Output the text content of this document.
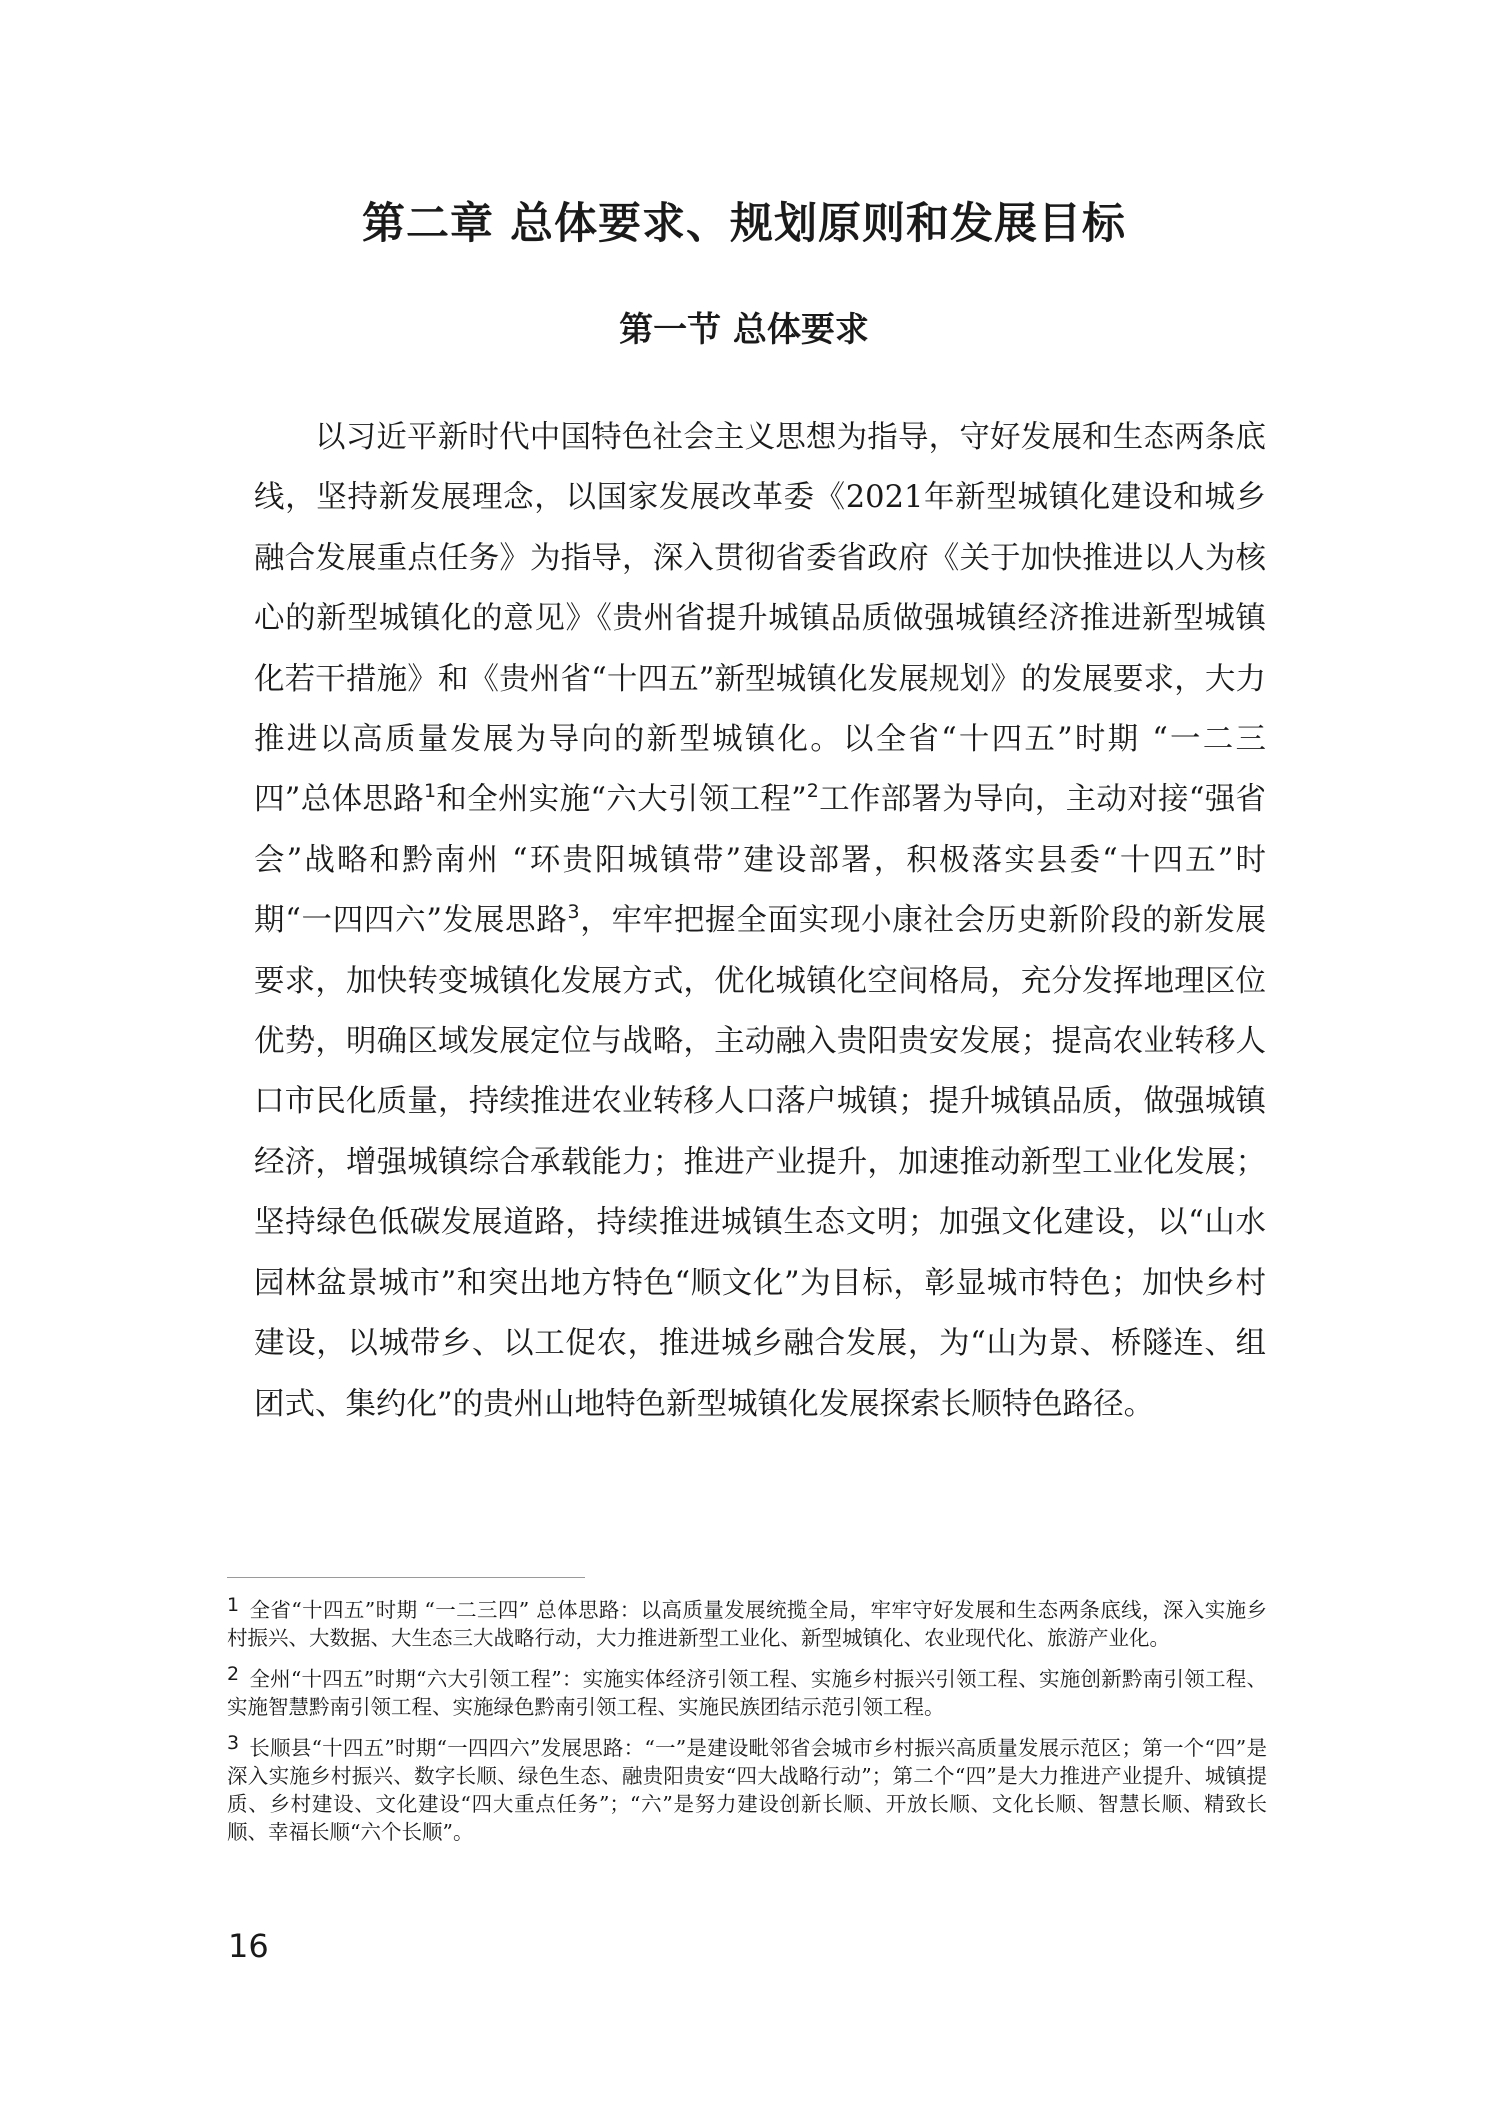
第二章 总体要求、规划原则和发展目标
第一节 总体要求

以习近平新时代中国特色社会主义思想为指导，守好发展和生态两条底线，坚持新发展理念，以国家发展改革委《2021年新型城镇化建设和城乡融合发展重点任务》为指导，深入贯彻省委省政府《关于加快推进以人为核心的新型城镇化的意见》《贵州省提升城镇品质做强城镇经济推进新型城镇化若干措施》和《贵州省“十四五”新型城镇化发展规划》的发展要求，大力推进以高质量发展为导向的新型城镇化。以全省“十四五”时期 “一二三四”总体思路$^1$和全州实施“六大引领工程”$^2$工作部署为导向，主动对接“强省会”战略和黔南州 “环贵阳城镇带”建设部署，积极落实县委“十四五”时期“一四四六”发展思路$^3$，牢牢把握全面实现小康社会历史新阶段的新发展要求，加快转变城镇化发展方式，优化城镇化空间格局，充分发挥地理区位优势，明确区域发展定位与战略，主动融入贵阳贵安发展；提高农业转移人口市民化质量，持续推进农业转移人口落户城镇；提升城镇品质，做强城镇经济，增强城镇综合承载能力；推进产业提升，加速推动新型工业化发展；坚持绿色低碳发展道路，持续推进城镇生态文明；加强文化建设，以“山水园林盆景城市”和突出地方特色“顺文化”为目标，彰显城市特色；加快乡村建设，以城带乡、以工促农，推进城乡融合发展，为“山为景、桥隧连、组团式、集约化”的贵州山地特色新型城镇化发展探索长顺特色路径。

1 全省“十四五”时期 “一二三四” 总体思路：以高质量发展统揽全局，牢牢守好发展和生态两条底线，深入实施乡村振兴、大数据、大生态三大战略行动，大力推进新型工业化、新型城镇化、农业现代化、旅游产业化。

2 全州“十四五”时期“六大引领工程”：实施实体经济引领工程、实施乡村振兴引领工程、实施创新黔南引领工程、实施智慧黔南引领工程、实施绿色黔南引领工程、实施民族团结示范引领工程。

3 长顺县“十四五”时期“一四四六”发展思路：“一”是建设毗邻省会城市乡村振兴高质量发展示范区；第一个“四”是深入实施乡村振兴、数字长顺、绿色生态、融贵阳贵安“四大战略行动”；第二个“四”是大力推进产业提升、城镇提质、乡村建设、文化建设“四大重点任务”；“六”是努力建设创新长顺、开放长顺、文化长顺、智慧长顺、精致长顺、幸福长顺“六个长顺”。

16
